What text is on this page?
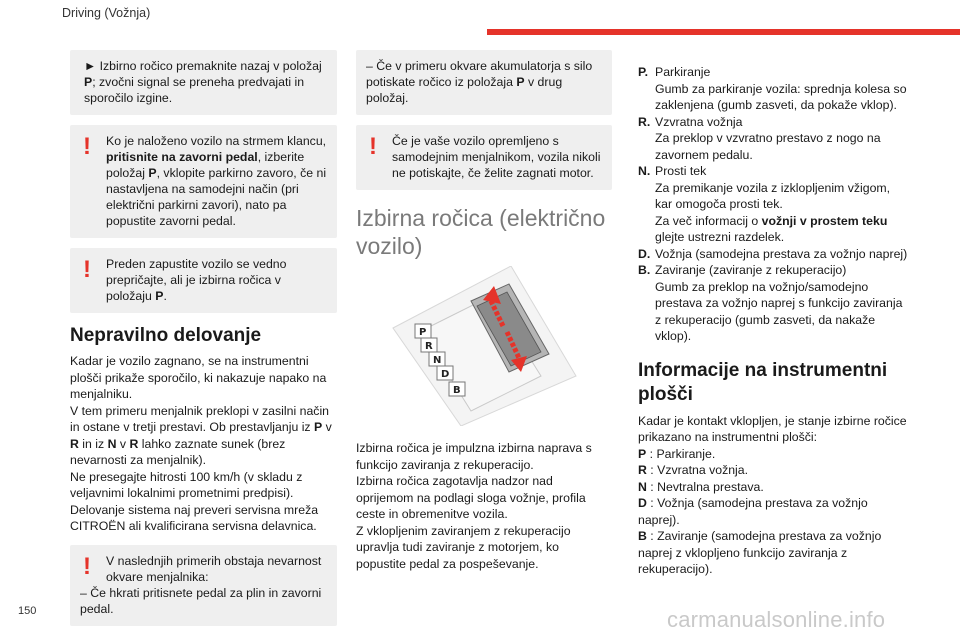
Driving (Vožnja)
► Izbirno ročico premaknite nazaj v položaj P; zvočni signal se preneha predvajati in sporočilo izgine.
!	Ko je naloženo vozilo na strmem klancu, pritisnite na zavorni pedal, izberite položaj P, vklopite parkirno zavoro, če ni nastavljena na samodejni način (pri električni parkirni zavori), nato pa popustite zavorni pedal.
!	Preden zapustite vozilo se vedno prepričajte, ali je izbirna ročica v položaju P.
Nepravilno delovanje

Kadar je vozilo zagnano, se na instrumentni plošči prikaže sporočilo, ki nakazuje napako na menjalniku.
V tem primeru menjalnik preklopi v zasilni način in ostane v tretji prestavi. Ob prestavljanju iz P v R in iz N v R lahko zaznate sunek (brez nevarnosti za menjalnik).
Ne presegajte hitrosti 100 km/h (v skladu z veljavnimi lokalnimi prometnimi predpisi).
Delovanje sistema naj preveri servisna mreža CITROËN ali kvalificirana servisna delavnica.

!	V naslednjih primerih obstaja nevarnost okvare menjalnika:
– Če hkrati pritisnete pedal za plin in zavorni pedal.
– Če v primeru okvare akumulatorja s silo potiskate ročico iz položaja P v drug položaj.
!	Če je vaše vozilo opremljeno s samodejnim menjalnikom, vozila nikoli ne potiskajte, če želite zagnati motor.
Izbirna ročica (električno vozilo)
P
R
N
D
B

Izbirna ročica je impulzna izbirna naprava s funkcijo zaviranja z rekuperacijo.
Izbirna ročica zagotavlja nadzor nad oprijemom na podlagi sloga vožnje, profila ceste in obremenitve vozila.
Z vklopljenim zaviranjem z rekuperacijo upravlja tudi zaviranje z motorjem, ko popustite pedal za pospeševanje.

P. Parkiranje
Gumb za parkiranje vozila: sprednja kolesa so zaklenjena (gumb zasveti, da pokaže vklop).
R. Vzvratna vožnja
Za preklop v vzvratno prestavo z nogo na zavornem pedalu.
N. Prosti tek
Za premikanje vozila z izklopljenim vžigom, kar omogoča prosti tek.
Za več informacij o vožnji v prostem teku glejte ustrezni razdelek.
D. Vožnja (samodejna prestava za vožnjo naprej)
B. Zaviranje (zaviranje z rekuperacijo)
Gumb za preklop na vožnjo/samodejno prestava za vožnjo naprej s funkcijo zaviranja z rekuperacijo (gumb zasveti, da nakaže vklop).
Informacije na instrumentni plošči

Kadar je kontakt vklopljen, je stanje izbirne ročice prikazano na instrumentni plošči:

P : Parkiranje.
R : Vzvratna vožnja.
N : Nevtralna prestava.
D : Vožnja (samodejna prestava za vožnjo naprej).
B : Zaviranje (samodejna prestava za vožnjo naprej z vklopljeno funkcijo zaviranja z rekuperacijo).
150	carmanualsonline.info
